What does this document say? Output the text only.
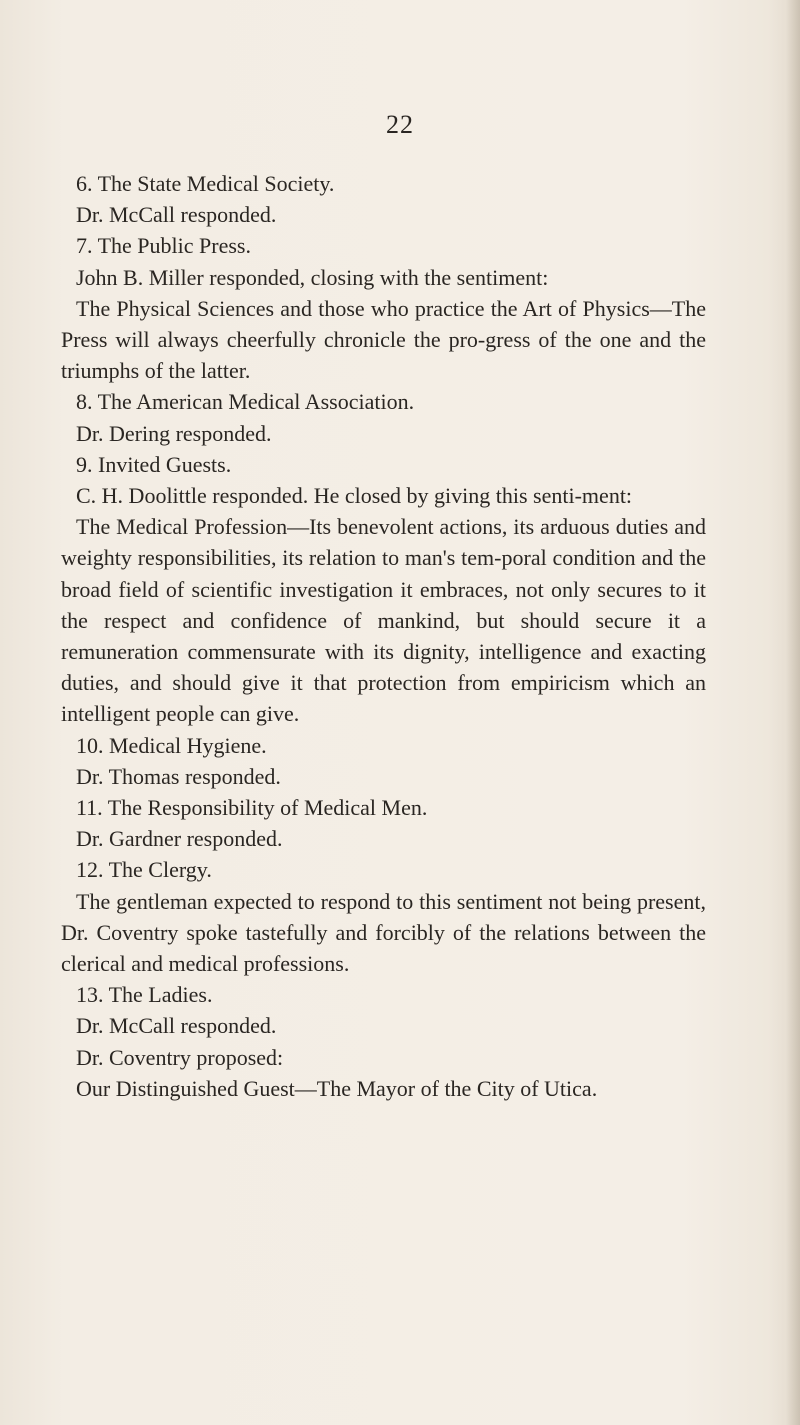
22

6. The State Medical Society.

Dr. McCall responded.

7. The Public Press.

John B. Miller responded, closing with the sentiment:

The Physical Sciences and those who practice the Art of Physics—The Press will always cheerfully chronicle the pro-gress of the one and the triumphs of the latter.

8. The American Medical Association.

Dr. Dering responded.

9. Invited Guests.

C. H. Doolittle responded. He closed by giving this senti-ment:

The Medical Profession—Its benevolent actions, its arduous duties and weighty responsibilities, its relation to man's tem-poral condition and the broad field of scientific investigation it embraces, not only secures to it the respect and confidence of mankind, but should secure it a remuneration commensurate with its dignity, intelligence and exacting duties, and should give it that protection from empiricism which an intelligent people can give.

10. Medical Hygiene.

Dr. Thomas responded.

11. The Responsibility of Medical Men.

Dr. Gardner responded.

12. The Clergy.

The gentleman expected to respond to this sentiment not being present, Dr. Coventry spoke tastefully and forcibly of the relations between the clerical and medical professions.

13. The Ladies.

Dr. McCall responded.

Dr. Coventry proposed:

Our Distinguished Guest—The Mayor of the City of Utica.
